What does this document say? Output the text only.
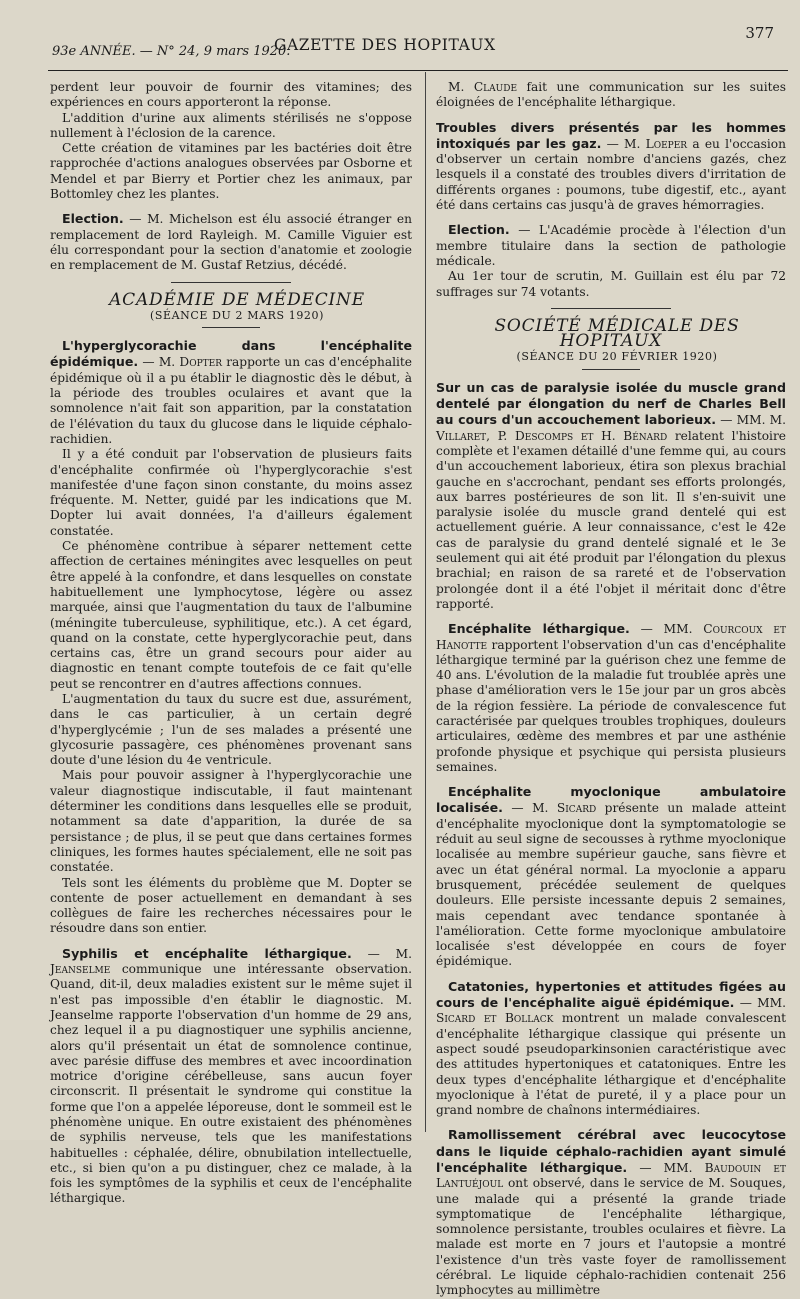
93e ANNÉE. — N° 24, 9 mars 1920.
GAZETTE DES HOPITAUX
377

perdent leur pouvoir de fournir des vitamines; des expériences en cours apporteront la réponse.

L'addition d'urine aux aliments stérilisés ne s'oppose nullement à l'éclosion de la carence.

Cette création de vitamines par les bactéries doit être rapprochée d'actions analogues observées par Osborne et Mendel et par Bierry et Portier chez les animaux, par Bottomley chez les plantes.

Election. — M. Michelson est élu associé étranger en remplacement de lord Rayleigh. M. Camille Viguier est élu correspondant pour la section d'anatomie et zoologie en remplacement de M. Gustaf Retzius, décédé.

ACADÉMIE DE MÉDECINE

(SÉANCE DU 2 MARS 1920)

L'hyperglycorachie dans l'encéphalite épidémique. — M. Dopter rapporte un cas d'encéphalite épidémique où il a pu établir le diagnostic dès le début, à la période des troubles oculaires et avant que la somnolence n'ait fait son apparition, par la constatation de l'élévation du taux du glucose dans le liquide céphalo-rachidien.

Il y a été conduit par l'observation de plusieurs faits d'encéphalite confirmée où l'hyperglycorachie s'est manifestée d'une façon sinon constante, du moins assez fréquente. M. Netter, guidé par les indications que M. Dopter lui avait données, l'a d'ailleurs également constatée.

Ce phénomène contribue à séparer nettement cette affection de certaines méningites avec lesquelles on peut être appelé à la confondre, et dans lesquelles on constate habituellement une lymphocytose, légère ou assez marquée, ainsi que l'augmentation du taux de l'albumine (méningite tuberculeuse, syphilitique, etc.). A cet égard, quand on la constate, cette hyperglycorachie peut, dans certains cas, être un grand secours pour aider au diagnostic en tenant compte toutefois de ce fait qu'elle peut se rencontrer en d'autres affections connues.

L'augmentation du taux du sucre est due, assurément, dans le cas particulier, à un certain degré d'hyperglycémie ; l'un de ses malades a présenté une glycosurie passagère, ces phénomènes provenant sans doute d'une lésion du 4e ventricule.

Mais pour pouvoir assigner à l'hyperglycorachie une valeur diagnostique indiscutable, il faut maintenant déterminer les conditions dans lesquelles elle se produit, notamment sa date d'apparition, la durée de sa persistance ; de plus, il se peut que dans certaines formes cliniques, les formes hautes spécialement, elle ne soit pas constatée.

Tels sont les éléments du problème que M. Dopter se contente de poser actuellement en demandant à ses collègues de faire les recherches nécessaires pour le résoudre dans son entier.

Syphilis et encéphalite léthargique. — M. Jeanselme communique une intéressante observation. Quand, dit-il, deux maladies existent sur le même sujet il n'est pas impossible d'en établir le diagnostic. M. Jeanselme rapporte l'observation d'un homme de 29 ans, chez lequel il a pu diagnostiquer une syphilis ancienne, alors qu'il présentait un état de somnolence continue, avec parésie diffuse des membres et avec incoordination motrice d'origine cérébelleuse, sans aucun foyer circonscrit. Il présentait le syndrome qui constitue la forme que l'on a appelée léporeuse, dont le sommeil est le phénomène unique. En outre existaient des phénomènes de syphilis nerveuse, tels que les manifestations habituelles : céphalée, délire, obnubilation intellectuelle, etc., si bien qu'on a pu distinguer, chez ce malade, à la fois les symptômes de la syphilis et ceux de l'encéphalite léthargique.

M. Claude fait une communication sur les suites éloignées de l'encéphalite léthargique.

Troubles divers présentés par les hommes intoxiqués par les gaz. — M. Loeper a eu l'occasion d'observer un certain nombre d'anciens gazés, chez lesquels il a constaté des troubles divers d'irritation de différents organes : poumons, tube digestif, etc., ayant été dans certains cas jusqu'à de graves hémorragies.

Election. — L'Académie procède à l'élection d'un membre titulaire dans la section de pathologie médicale.

Au 1er tour de scrutin, M. Guillain est élu par 72 suffrages sur 74 votants.

SOCIÉTÉ MÉDICALE DES HOPITAUX

(SÉANCE DU 20 FÉVRIER 1920)

Sur un cas de paralysie isolée du muscle grand dentelé par élongation du nerf de Charles Bell au cours d'un accouchement laborieux. — MM. M. Villaret, P. Descomps et H. Bénard relatent l'histoire complète et l'examen détaillé d'une femme qui, au cours d'un accouchement laborieux, étira son plexus brachial gauche en s'accrochant, pendant ses efforts prolongés, aux barres postérieures de son lit. Il s'en-suivit une paralysie isolée du muscle grand dentelé qui est actuellement guérie. A leur connaissance, c'est le 42e cas de paralysie du grand dentelé signalé et le 3e seulement qui ait été produit par l'élongation du plexus brachial; en raison de sa rareté et de l'observation prolongée dont il a été l'objet il méritait donc d'être rapporté.

Encéphalite léthargique. — MM. Courcoux et Hanotte rapportent l'observation d'un cas d'encéphalite léthargique terminé par la guérison chez une femme de 40 ans. L'évolution de la maladie fut troublée après une phase d'amélioration vers le 15e jour par un gros abcès de la région fessière. La période de convalescence fut caractérisée par quelques troubles trophiques, douleurs articulaires, œdème des membres et par une asthénie profonde physique et psychique qui persista plusieurs semaines.

Encéphalite myoclonique ambulatoire localisée. — M. Sicard présente un malade atteint d'encéphalite myoclonique dont la symptomatologie se réduit au seul signe de secousses à rythme myoclonique localisée au membre supérieur gauche, sans fièvre et avec un état général normal. La myoclonie a apparu brusquement, précédée seulement de quelques douleurs. Elle persiste incessante depuis 2 semaines, mais cependant avec tendance spontanée à l'amélioration. Cette forme myoclonique ambulatoire localisée s'est développée en cours de foyer épidémique.

Catatonies, hypertonies et attitudes figées au cours de l'encéphalite aiguë épidémique. — MM. Sicard et Bollack montrent un malade convalescent d'encéphalite léthargique classique qui présente un aspect soudé pseudoparkinsonien caractéristique avec des attitudes hypertoniques et catatoniques. Entre les deux types d'encéphalite léthargique et d'encéphalite myoclonique à l'état de pureté, il y a place pour un grand nombre de chaînons intermédiaires.

Ramollissement cérébral avec leucocytose dans le liquide céphalo-rachidien ayant simulé l'encéphalite léthargique. — MM. Baudouin et Lantuéjoul ont observé, dans le service de M. Souques, une malade qui a présenté la grande triade symptomatique de l'encéphalite léthargique, somnolence persistante, troubles oculaires et fièvre. La malade est morte en 7 jours et l'autopsie a montré l'existence d'un très vaste foyer de ramollissement cérébral. Le liquide céphalo-rachidien contenait 256 lymphocytes au millimètre
